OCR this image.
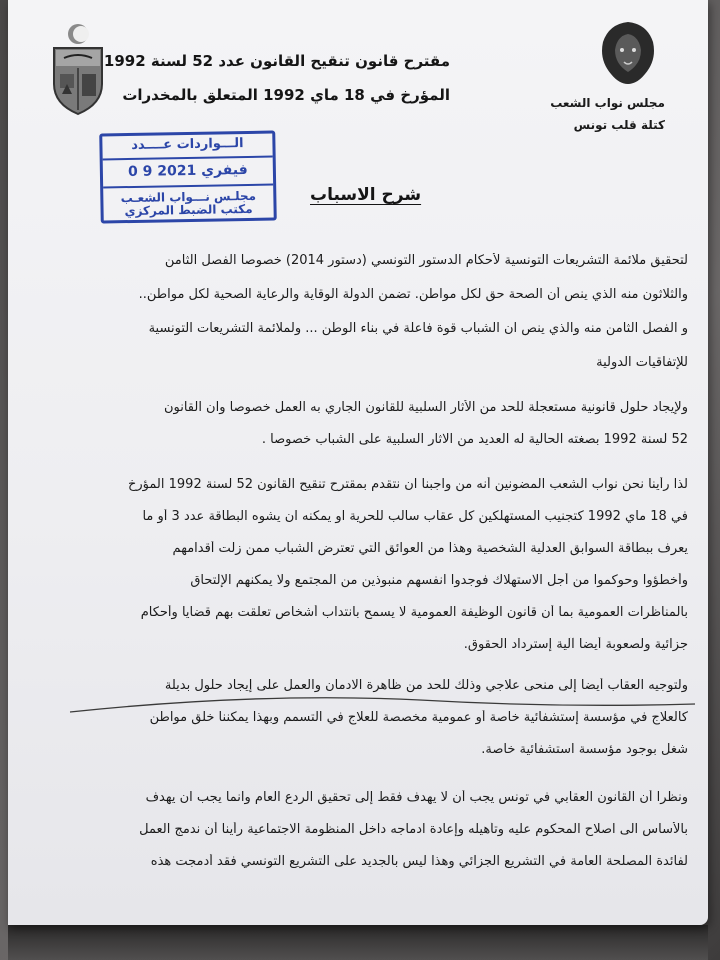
مقترح قانون تنقيح القانون عدد 52 لسنة 1992
المؤرخ في 18 ماي 1992 المتعلق بالمخدرات	مجلس نواب الشعب
كتلة قلب تونس
الـــواردات عــــدد
0 9 فيفري 2021
مجلـس نـــواب الشعـب
مكتب الضبط المركزي
شرح الاسباب
لتحقيق ملائمة التشريعات التونسية لأحكام الدستور التونسي (دستور 2014) خصوصا الفصل الثامن
والثلاثون منه الذي ينص أن الصحة حق لكل مواطن. تضمن الدولة الوقاية والرعاية الصحية لكل مواطن..
و الفصل الثامن منه والذي ينص ان الشباب قوة فاعلة في بناء الوطن ... ولملائمة التشريعات التونسية
للإتفاقيات الدولية
ولإيجاد حلول قانونية مستعجلة للحد من الأثار السلبية للقانون الجاري به العمل خصوصا وان القانون
52 لسنة 1992 بصغته الحالية له العديد من الاثار السلبية على الشباب خصوصا .
لذا رأينا نحن نواب الشعب المضونين أنه من واجبنا ان نتقدم بمقترح تنقيح القانون 52 لسنة 1992 المؤرخ
في 18 ماي 1992 كتجنيب المستهلكين كل عقاب سالب للحرية او يمكنه ان يشوه البطاقة عدد 3 أو ما
يعرف ببطاقة السوابق العدلية الشخصية وهذا من العوائق التي تعترض الشباب ممن زلت أقدامهم
وأخطؤوا وحوكموا من أجل الاستهلاك فوجدوا انفسهم منبوذين من المجتمع ولا يمكنهم الإلتحاق
بالمناظرات العمومية بما أن قانون الوظيفة العمومية لا يسمح بانتداب أشخاص تعلقت بهم قضايا وأحكام
جزائية ولصعوبة أيضا آلية إسترداد الحقوق.
ولتوجيه العقاب أيضا إلى منحى علاجي وذلك للحد من ظاهرة الادمان والعمل على إيجاد حلول بديلة
كالعلاج في مؤسسة إستشفائية خاصة أو عمومية مخصصة للعلاج في التسمم وبهذا يمكننا خلق مواطن
شغل بوجود مؤسسة استشفائية خاصة.
ونظرا أن القانون العقابي في تونس يجب أن لا يهدف فقط إلى تحقيق الردع العام وانما يجب ان يهدف
بالأساس الى اصلاح المحكوم عليه وتأهيله وإعادة ادماجه داخل المنظومة الاجتماعية رأينا أن ندمج العمل
لفائدة المصلحة العامة في التشريع الجزائي وهذا ليس بالجديد على التشريع التونسي فقد أدمجت هذه
